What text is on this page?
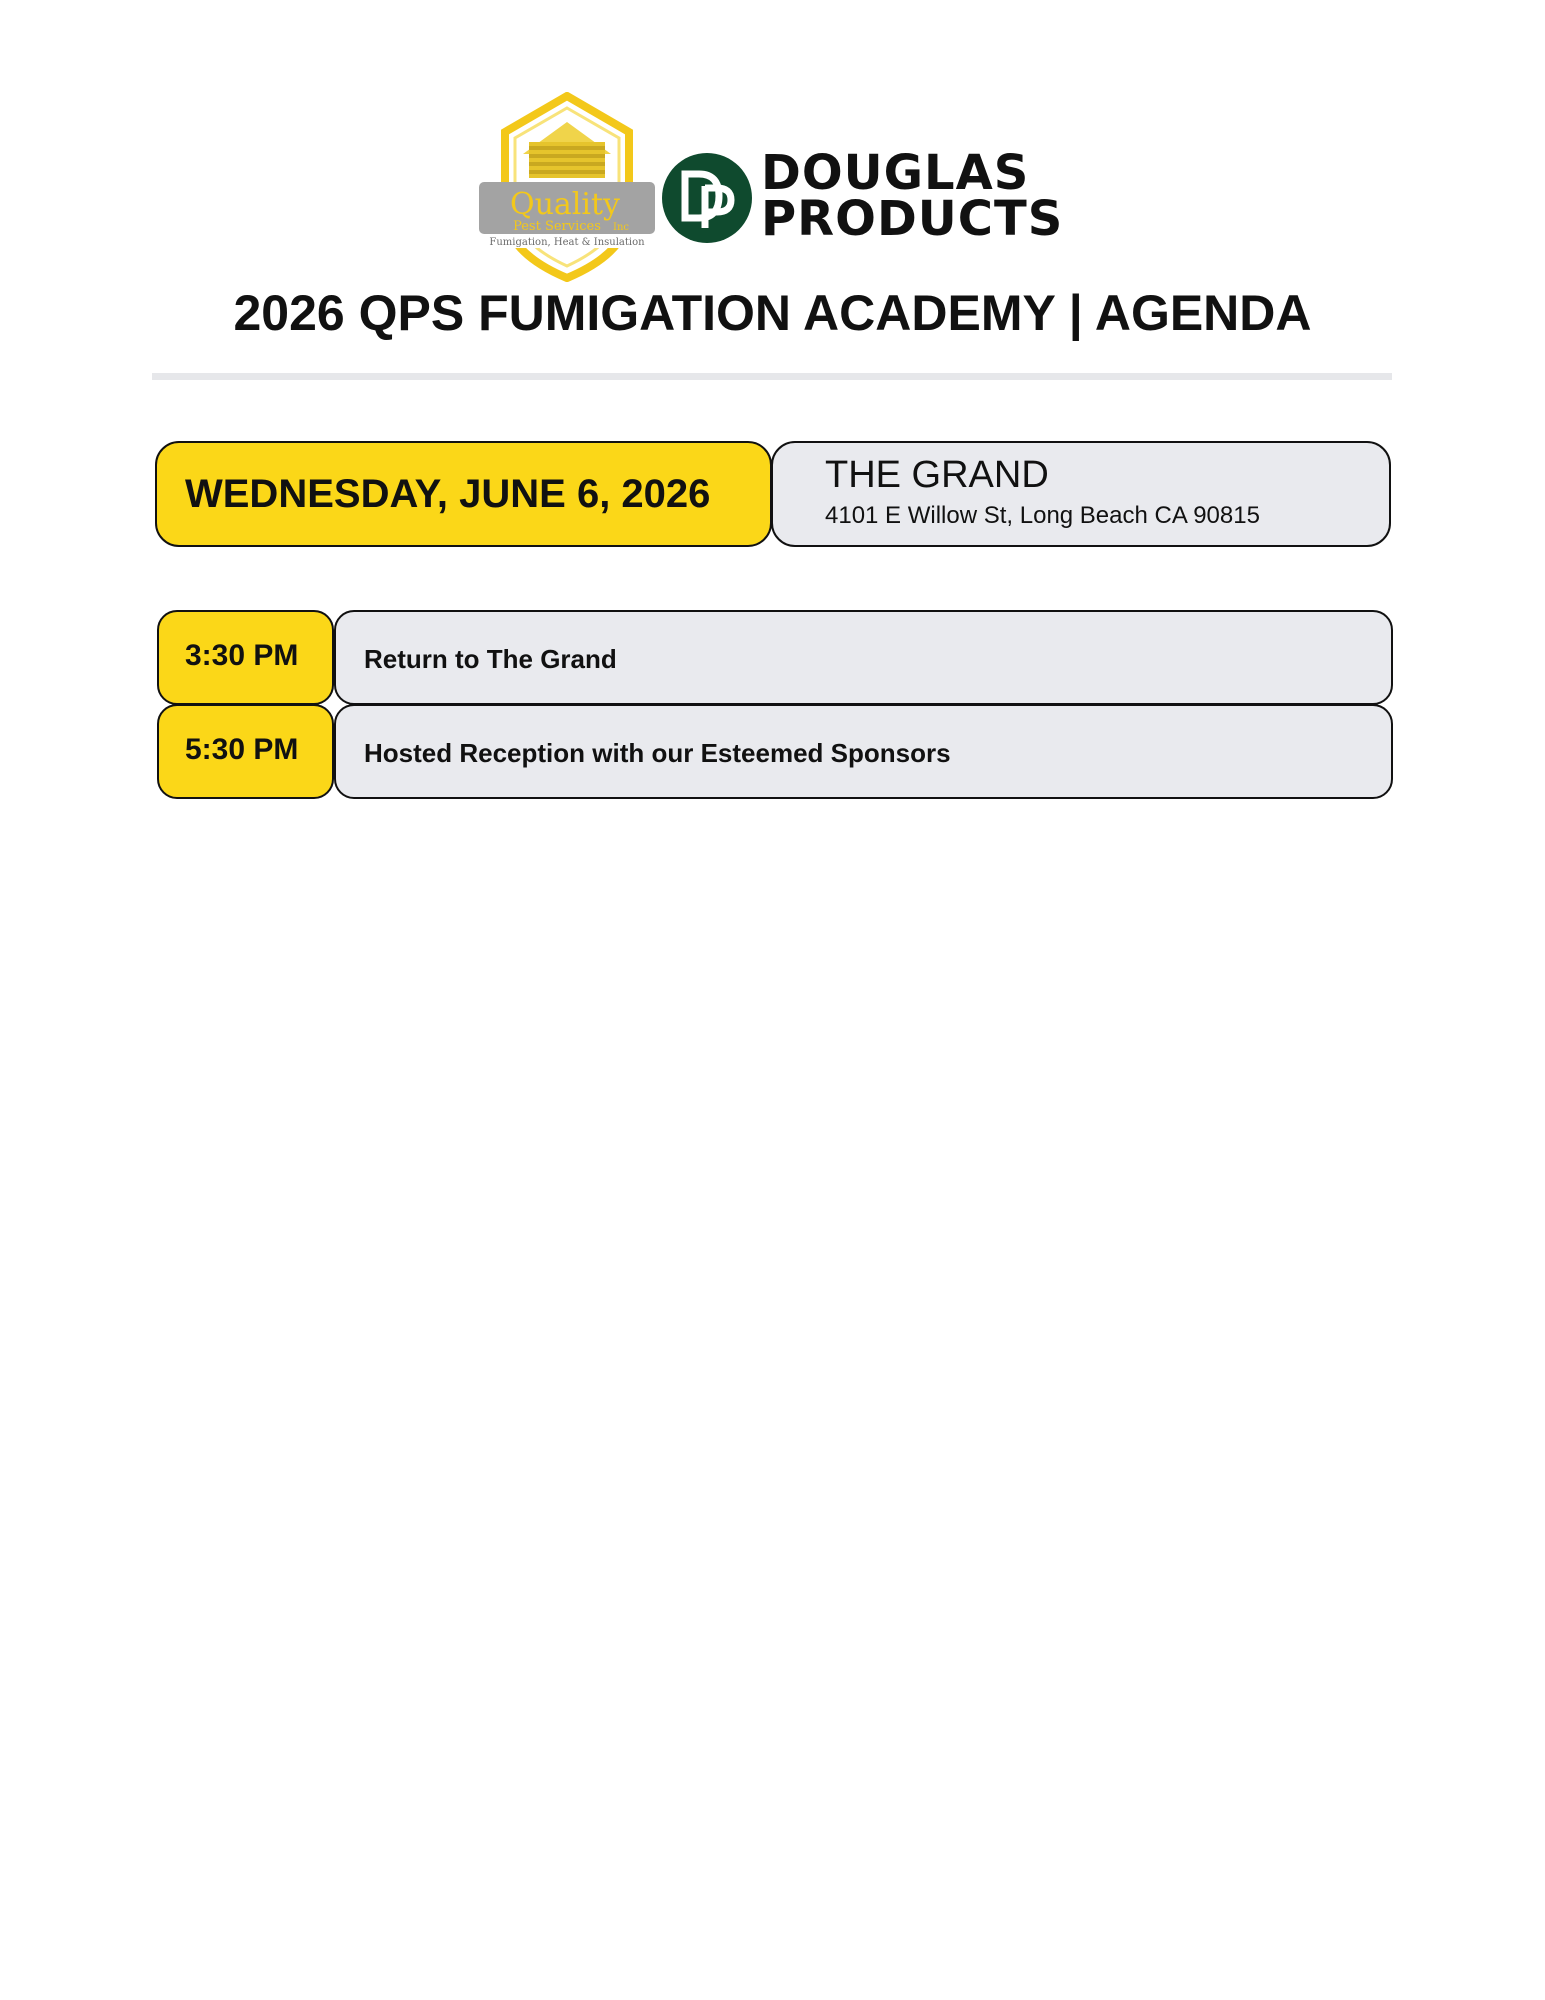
Quality
Pest Services Inc
Fumigation, Heat & Insulation
DOUGLAS
PRODUCTS
2026 QPS FUMIGATION ACADEMY | AGENDA
WEDNESDAY, JUNE 6, 2026	THE GRAND
4101 E Willow St, Long Beach CA 90815
3:30 PM	Return to The Grand
5:30 PM	Hosted Reception with our Esteemed Sponsors
